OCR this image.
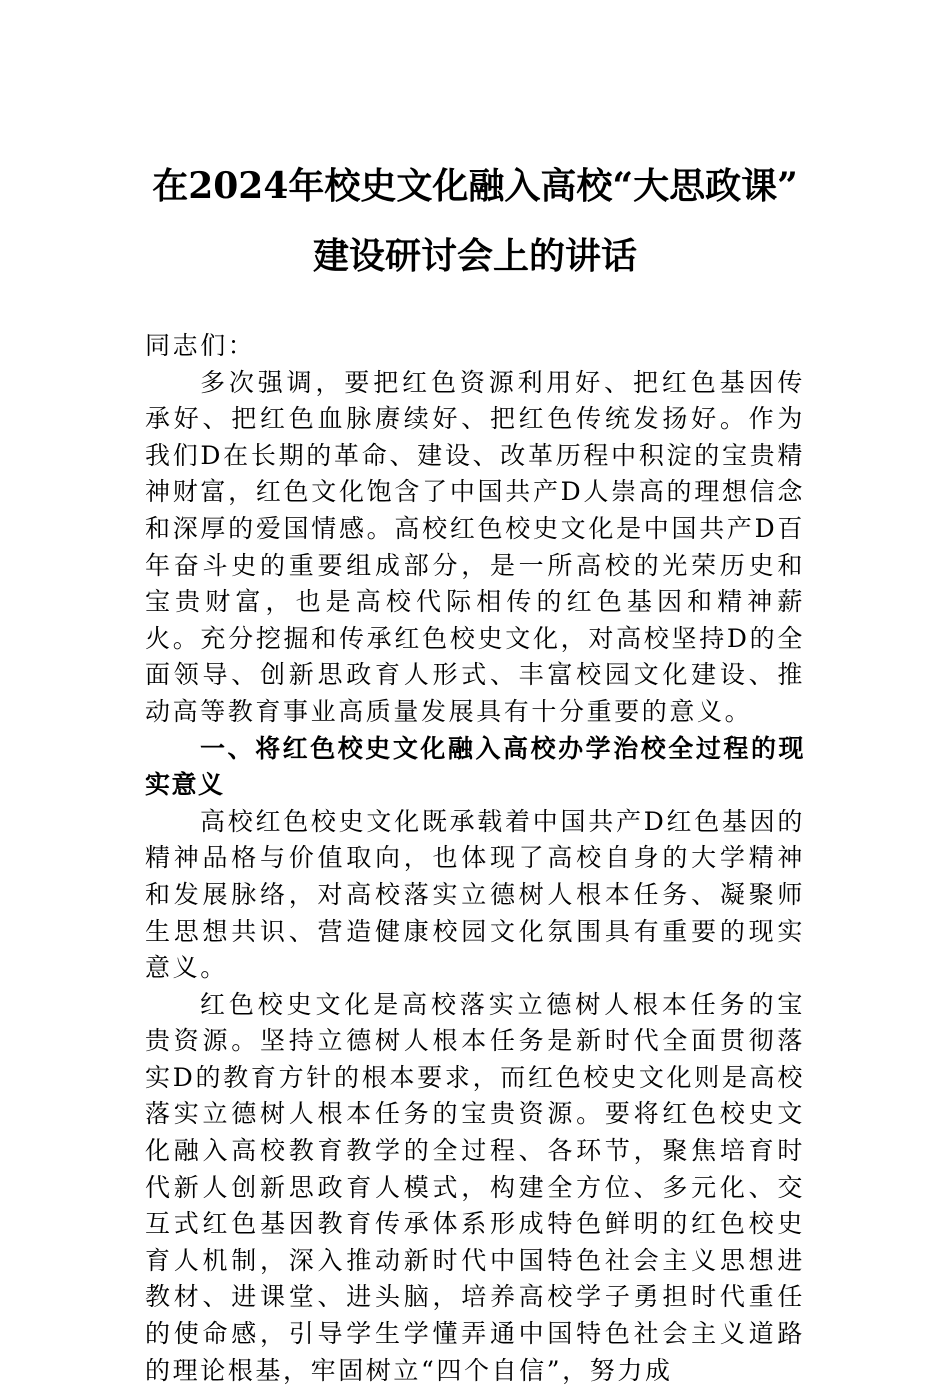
在2024年校史文化融入高校“大思政课”
建设研讨会上的讲话

同志们：

多次强调，要把红色资源利用好、把红色基因传承好、把红色血脉赓续好、把红色传统发扬好。作为我们D在长期的革命、建设、改革历程中积淀的宝贵精神财富，红色文化饱含了中国共产D人崇高的理想信念和深厚的爱国情感。高校红色校史文化是中国共产D百年奋斗史的重要组成部分，是一所高校的光荣历史和宝贵财富，也是高校代际相传的红色基因和精神薪火。充分挖掘和传承红色校史文化，对高校坚持D的全面领导、创新思政育人形式、丰富校园文化建设、推动高等教育事业高质量发展具有十分重要的意义。

一、将红色校史文化融入高校办学治校全过程的现实意义

高校红色校史文化既承载着中国共产D红色基因的精神品格与价值取向，也体现了高校自身的大学精神和发展脉络，对高校落实立德树人根本任务、凝聚师生思想共识、营造健康校园文化氛围具有重要的现实意义。

红色校史文化是高校落实立德树人根本任务的宝贵资源。坚持立德树人根本任务是新时代全面贯彻落实D的教育方针的根本要求，而红色校史文化则是高校落实立德树人根本任务的宝贵资源。要将红色校史文化融入高校教育教学的全过程、各环节，聚焦培育时代新人创新思政育人模式，构建全方位、多元化、交互式红色基因教育传承体系形成特色鲜明的红色校史育人机制，深入推动新时代中国特色社会主义思想进教材、进课堂、进头脑，培养高校学子勇担时代重任的使命感，引导学生学懂弄通中国特色社会主义道路的理论根基，牢固树立“四个自信”，努力成
